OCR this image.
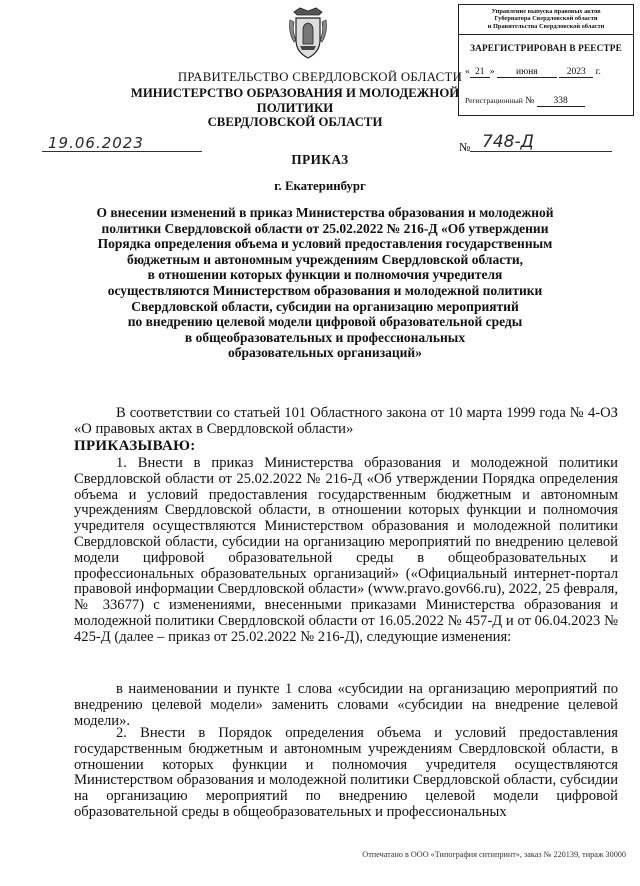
Управление выпуска правовых актов
Губернатора Свердловской области
и Правительства Свердловской области
ЗАРЕГИСТРИРОВАН В РЕЕСТРЕ
« 21 » июня	2023 г.
Регистрационный № 338
ПРАВИТЕЛЬСТВО СВЕРДЛОВСКОЙ ОБЛАСТИ
МИНИСТЕРСТВО ОБРАЗОВАНИЯ И МОЛОДЕЖНОЙ ПОЛИТИКИ
СВЕРДЛОВСКОЙ ОБЛАСТИ
19.06.2023
ПРИКАЗ
№ 748-Д
г. Екатеринбург
О внесении изменений в приказ Министерства образования и молодежной
политики Свердловской области от 25.02.2022 № 216-Д «Об утверждении
Порядка определения объема и условий предоставления государственным
бюджетным и автономным учреждениям Свердловской области,
в отношении которых функции и полномочия учредителя
осуществляются Министерством образования и молодежной политики
Свердловской области, субсидии на организацию мероприятий
по внедрению целевой модели цифровой образовательной среды
в общеобразовательных и профессиональных
образовательных организаций»
В соответствии со статьей 101 Областного закона от 10 марта 1999 года № 4-ОЗ «О правовых актах в Свердловской области»
ПРИКАЗЫВАЮ:
1. Внести в приказ Министерства образования и молодежной политики Свердловской области от 25.02.2022 № 216-Д «Об утверждении Порядка определения объема и условий предоставления государственным бюджетным и автономным учреждениям Свердловской области, в отношении которых функции и полномочия учредителя осуществляются Министерством образования и молодежной политики Свердловской области, субсидии на организацию мероприятий по внедрению целевой модели цифровой образовательной среды в общеобразовательных и профессиональных образовательных организаций» («Официальный интернет-портал правовой информации Свердловской области» (www.pravo.gov66.ru), 2022, 25 февраля, № 33677) с изменениями, внесенными приказами Министерства образования и молодежной политики Свердловской области от 16.05.2022 № 457-Д и от 06.04.2023 № 425-Д (далее – приказ от 25.02.2022 № 216-Д), следующие изменения:
в наименовании и пункте 1 слова «субсидии на организацию мероприятий по внедрению целевой модели» заменить словами «субсидии на внедрение целевой модели».
2. Внести в Порядок определения объема и условий предоставления государственным бюджетным и автономным учреждениям Свердловской области, в отношении которых функции и полномочия учредителя осуществляются Министерством образования и молодежной политики Свердловской области, субсидии на организацию мероприятий по внедрению целевой модели цифровой образовательной среды в общеобразовательных и профессиональных
Отпечатано в ООО «Типография ситипринт», заказ № 220139, тираж 30000
